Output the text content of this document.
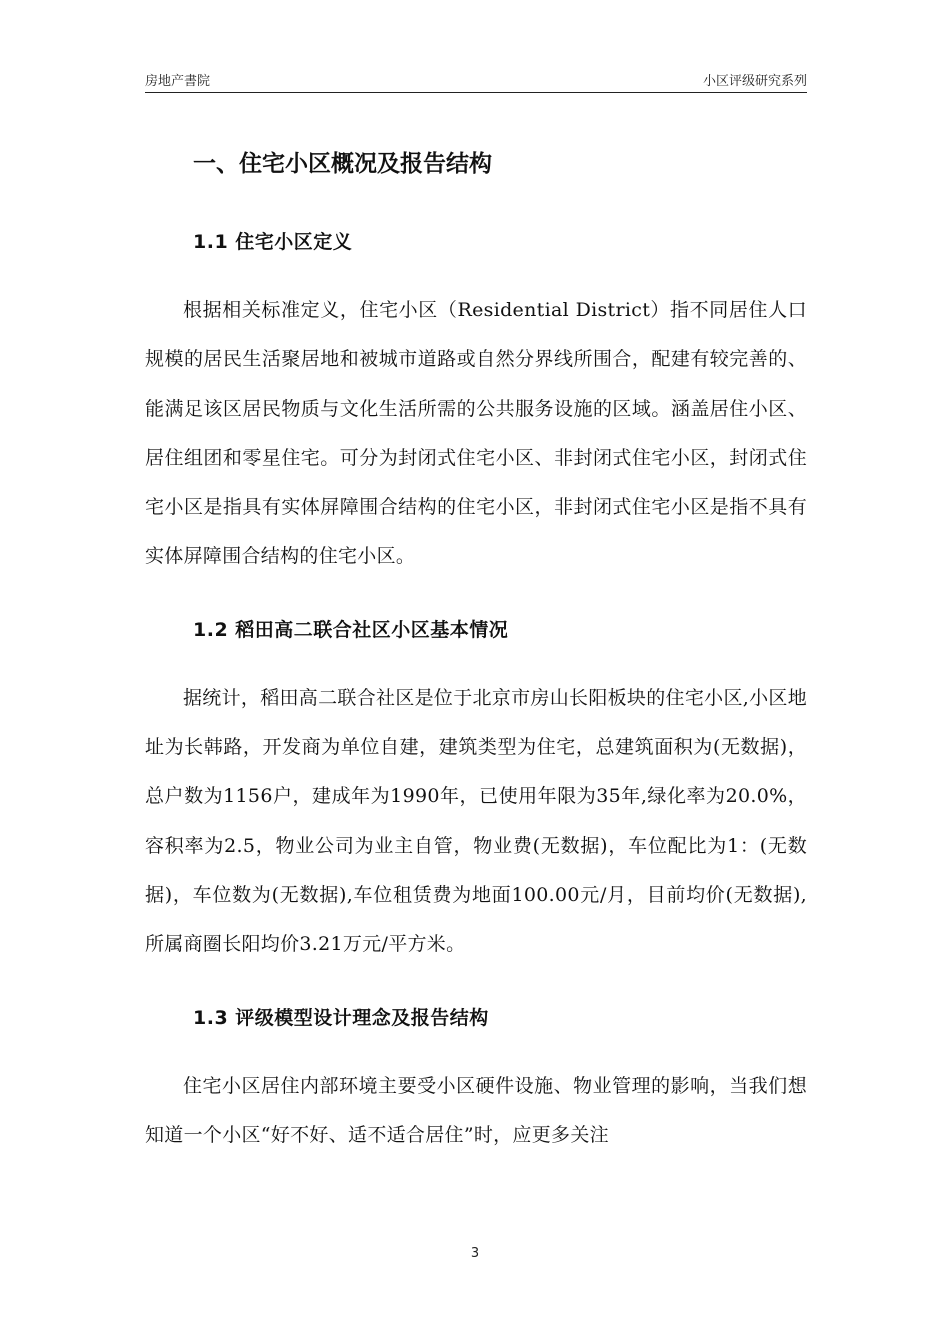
房地产書院	小区评级研究系列
一、住宅小区概况及报告结构
1.1 住宅小区定义

根据相关标准定义，住宅小区（Residential District）指不同居住人口规模的居民生活聚居地和被城市道路或自然分界线所围合，配建有较完善的、能满足该区居民物质与文化生活所需的公共服务设施的区域。涵盖居住小区、居住组团和零星住宅。可分为封闭式住宅小区、非封闭式住宅小区，封闭式住宅小区是指具有实体屏障围合结构的住宅小区，非封闭式住宅小区是指不具有实体屏障围合结构的住宅小区。

1.2 稻田高二联合社区小区基本情况

据统计，稻田高二联合社区是位于北京市房山长阳板块的住宅小区,小区地址为长韩路，开发商为单位自建，建筑类型为住宅，总建筑面积为(无数据)，总户数为1156户，建成年为1990年，已使用年限为35年,绿化率为20.0%，容积率为2.5，物业公司为业主自管，物业费(无数据)，车位配比为1：(无数据)，车位数为(无数据),车位租赁费为地面100.00元/月，目前均价(无数据),所属商圈长阳均价3.21万元/平方米。

1.3 评级模型设计理念及报告结构

住宅小区居住内部环境主要受小区硬件设施、物业管理的影响，当我们想知道一个小区“好不好、适不适合居住”时，应更多关注

3
